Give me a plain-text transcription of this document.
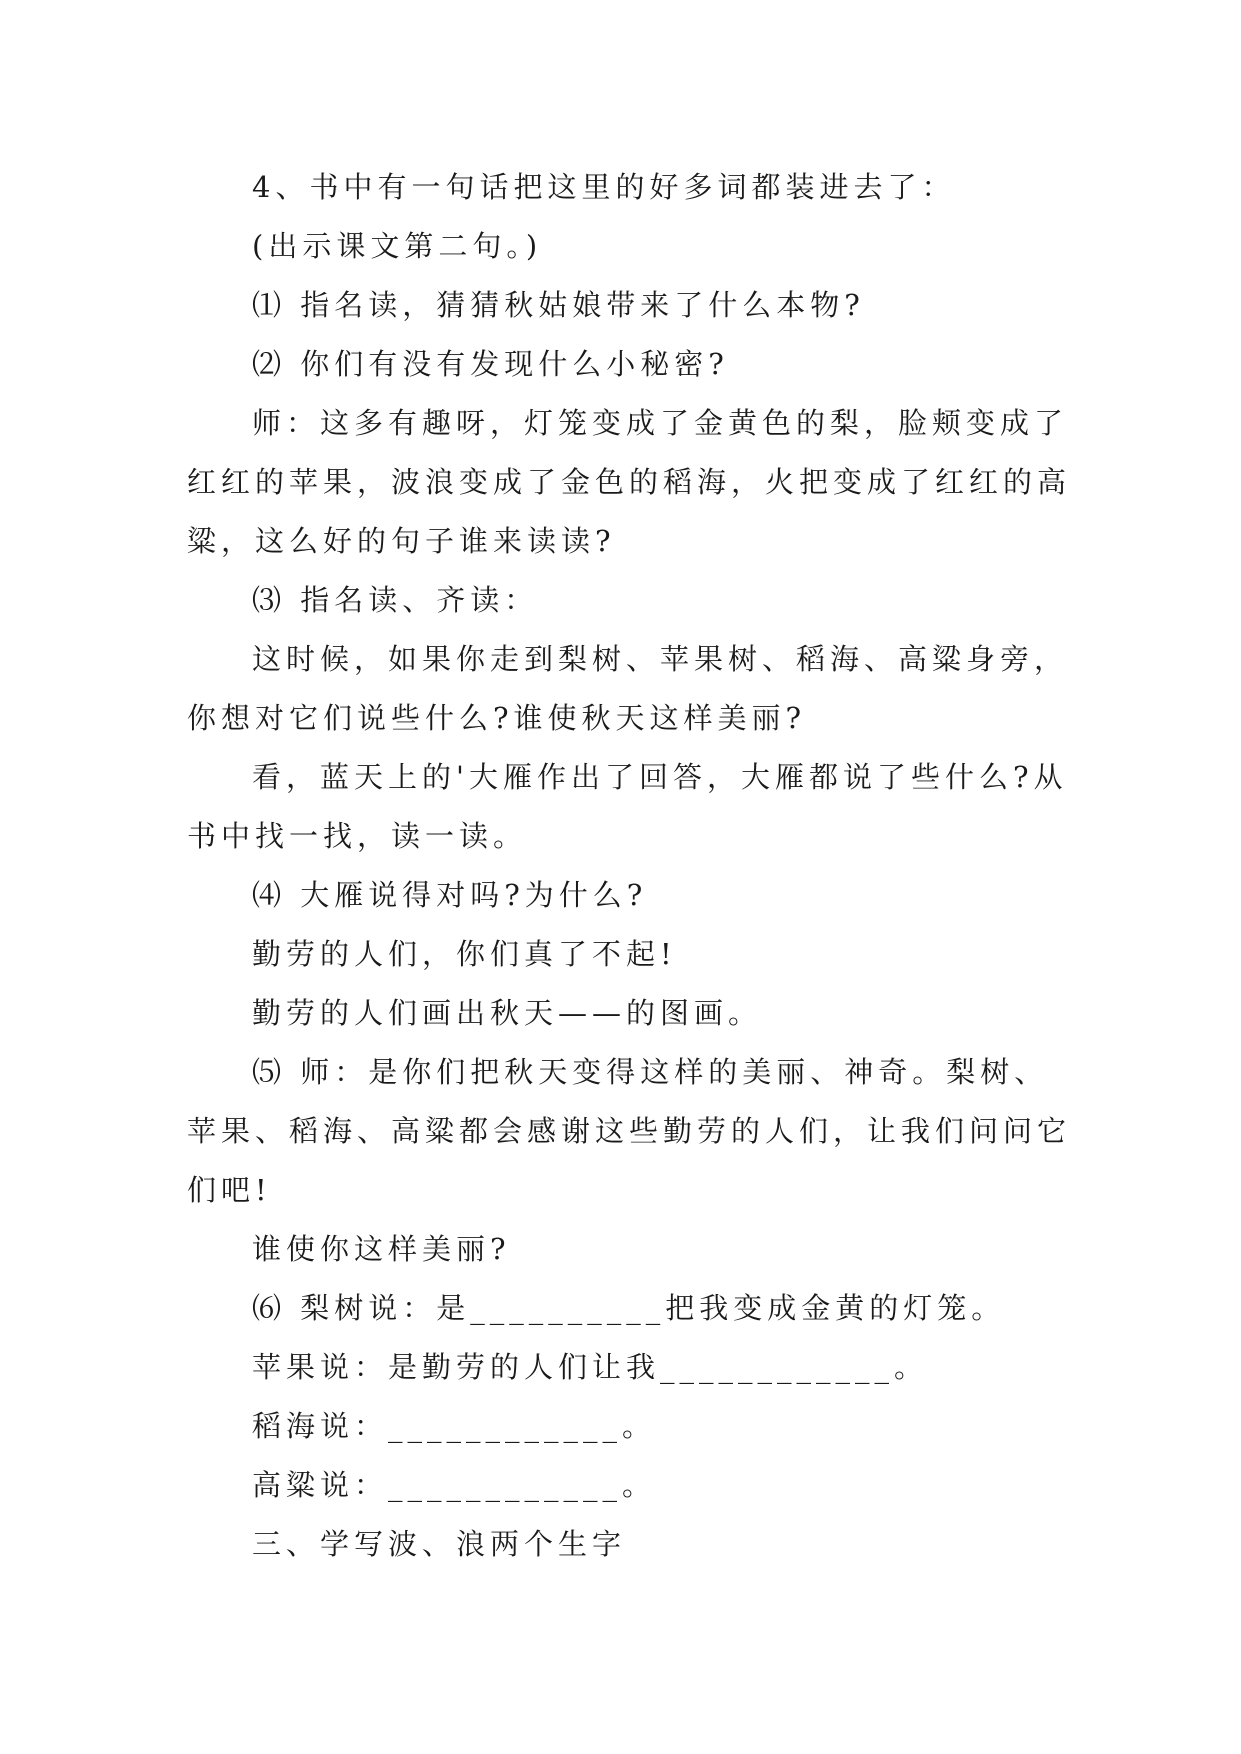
4、书中有一句话把这里的好多词都装进去了：
(出示课文第二句。)
⑴ 指名读，猜猜秋姑娘带来了什么本物?
⑵ 你们有没有发现什么小秘密?
师：这多有趣呀，灯笼变成了金黄色的梨，脸颊变成了
红红的苹果，波浪变成了金色的稻海，火把变成了红红的高
粱，这么好的句子谁来读读?
⑶ 指名读、齐读：
这时候，如果你走到梨树、苹果树、稻海、高粱身旁，
你想对它们说些什么?谁使秋天这样美丽?
看，蓝天上的'大雁作出了回答，大雁都说了些什么?从
书中找一找，读一读。
⑷ 大雁说得对吗?为什么?
勤劳的人们，你们真了不起!
勤劳的人们画出秋天——的图画。
⑸ 师：是你们把秋天变得这样的美丽、神奇。梨树、
苹果、稻海、高粱都会感谢这些勤劳的人们，让我们问问它
们吧!
谁使你这样美丽?
⑹ 梨树说：是__________把我变成金黄的灯笼。
苹果说：是勤劳的人们让我____________。
稻海说：____________。
高粱说：____________。
三、学写波、浪两个生字
